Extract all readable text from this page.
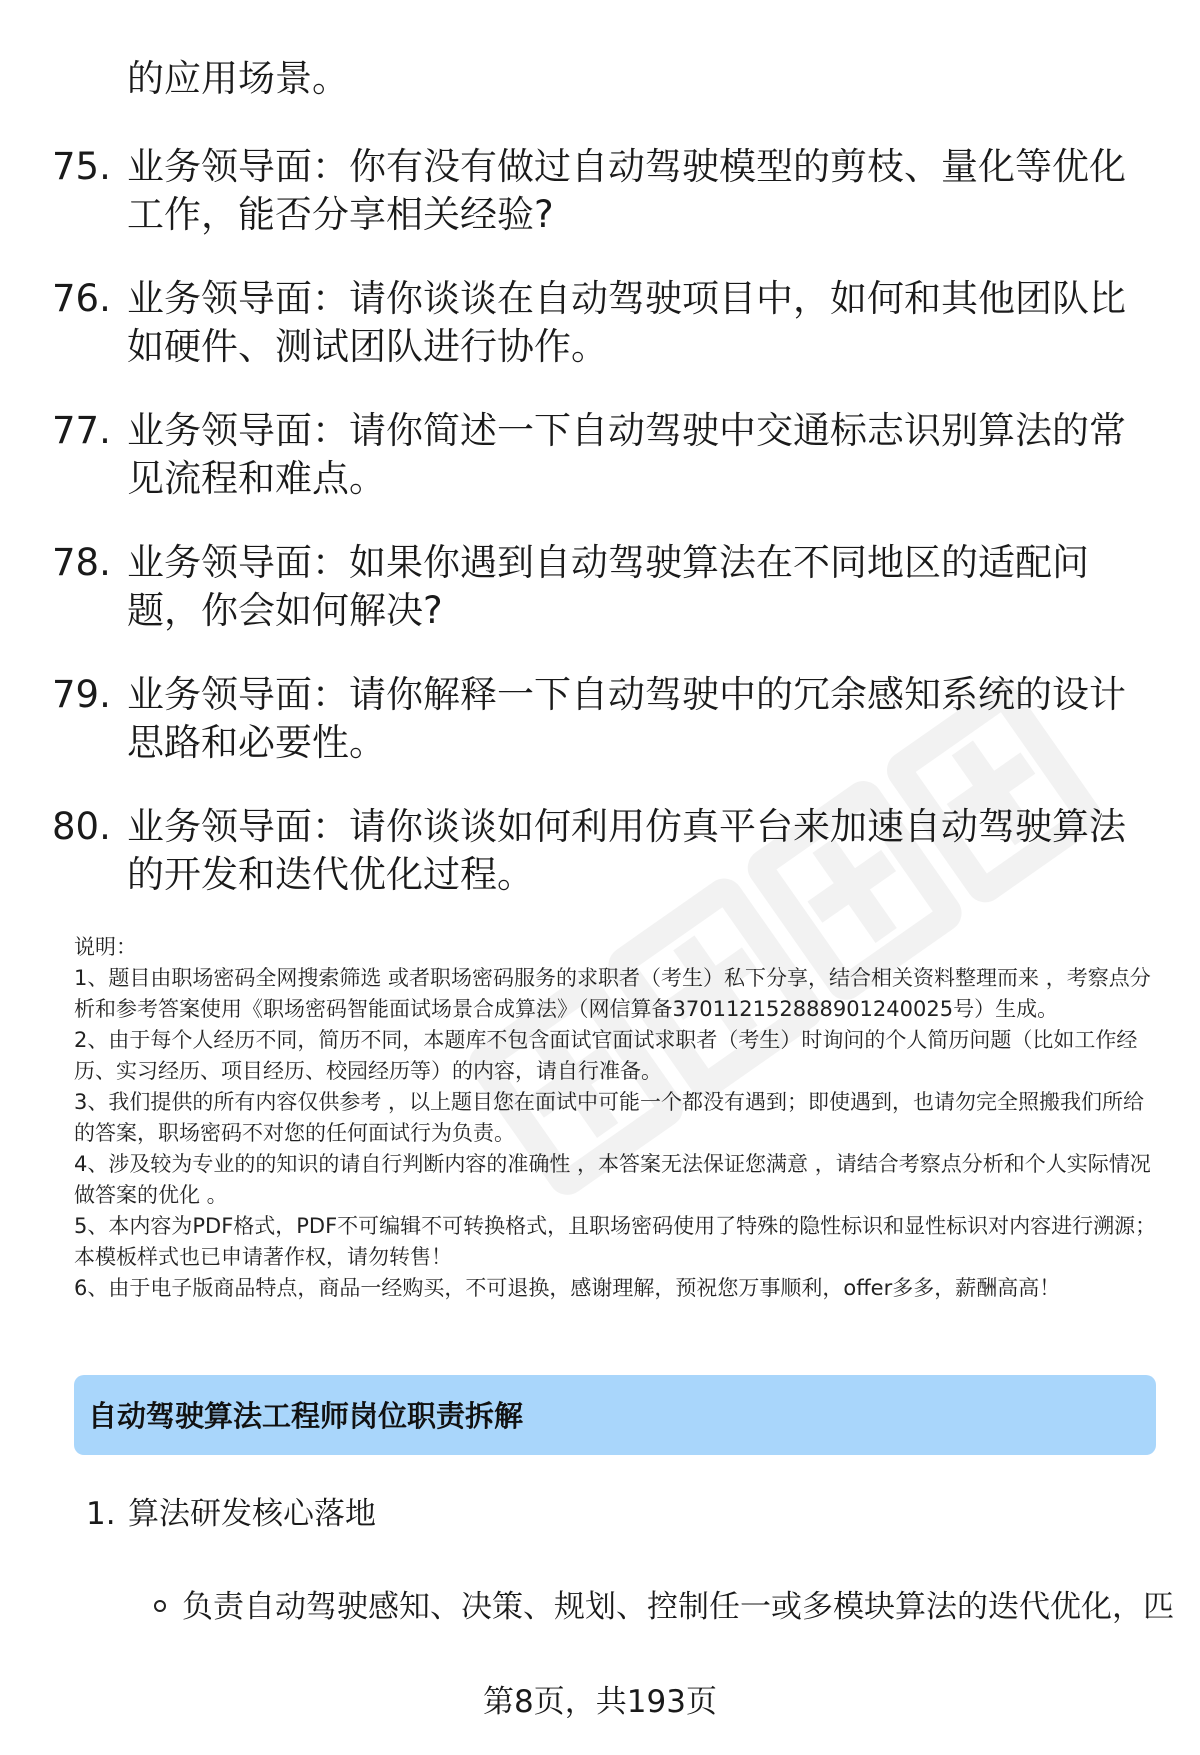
的应用场景。
75. 业务领导面：你有没有做过自动驾驶模型的剪枝、量化等优化工作，能否分享相关经验?
76. 业务领导面：请你谈谈在自动驾驶项目中，如何和其他团队比如硬件、测试团队进行协作。
77. 业务领导面：请你简述一下自动驾驶中交通标志识别算法的常见流程和难点。
78. 业务领导面：如果你遇到自动驾驶算法在不同地区的适配问题，你会如何解决?
79. 业务领导面：请你解释一下自动驾驶中的冗余感知系统的设计思路和必要性。
80. 业务领导面：请你谈谈如何利用仿真平台来加速自动驾驶算法的开发和迭代优化过程。
说明：
1、题目由职场密码全网搜索筛选 或者职场密码服务的求职者（考生）私下分享，结合相关资料整理而来 ，考察点分析和参考答案使用《职场密码智能面试场景合成算法》（网信算备370112152888901240025号）生成。
2、由于每个人经历不同，简历不同，本题库不包含面试官面试求职者（考生）时询问的个人简历问题（比如工作经历、实习经历、项目经历、校园经历等）的内容，请自行准备。
3、我们提供的所有内容仅供参考 ，以上题目您在面试中可能一个都没有遇到；即使遇到，也请勿完全照搬我们所给的答案，职场密码不对您的任何面试行为负责。
4、涉及较为专业的的知识的请自行判断内容的准确性 ，本答案无法保证您满意 ，请结合考察点分析和个人实际情况做答案的优化 。
5、本内容为PDF格式，PDF不可编辑不可转换格式，且职场密码使用了特殊的隐性标识和显性标识对内容进行溯源；本模板样式也已申请著作权，请勿转售！
6、由于电子版商品特点，商品一经购买，不可退换，感谢理解，预祝您万事顺利，offer多多，薪酬高高！
自动驾驶算法工程师岗位职责拆解
1. 算法研发核心落地
负责自动驾驶感知、决策、规划、控制任一或多模块算法的迭代优化，匹
第8页，共193页
